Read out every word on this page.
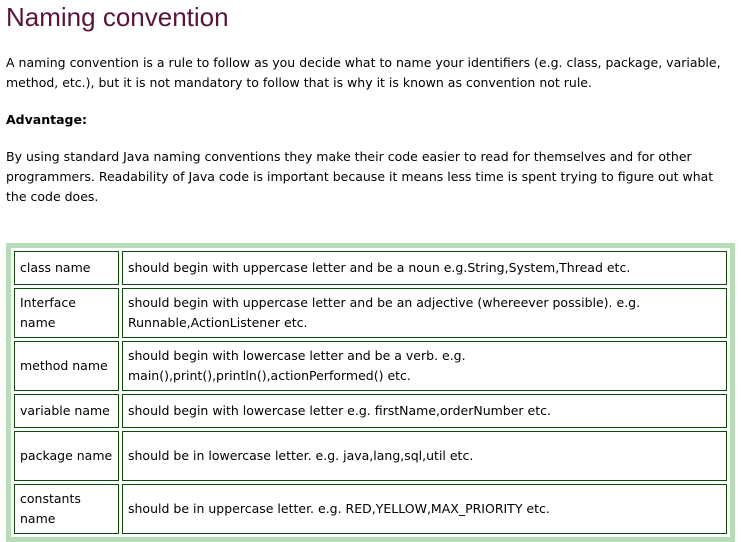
Naming convention

A naming convention is a rule to follow as you decide what to name your identifiers (e.g. class, package, variable, method, etc.), but it is not mandatory to follow that is why it is known as convention not rule.

Advantage:

By using standard Java naming conventions they make their code easier to read for themselves and for other programmers. Readability of Java code is important because it means less time is spent trying to figure out what the code does.

class name	should begin with uppercase letter and be a noun e.g.String,System,Thread etc.
Interface name	should begin with uppercase letter and be an adjective (whereever possible). e.g. Runnable,ActionListener etc.
method name	should begin with lowercase letter and be a verb. e.g. main(),print(),println(),actionPerformed() etc.
variable name	should begin with lowercase letter e.g. firstName,orderNumber etc.
package name	should be in lowercase letter. e.g. java,lang,sql,util etc.
constants name	should be in uppercase letter. e.g. RED,YELLOW,MAX_PRIORITY etc.
